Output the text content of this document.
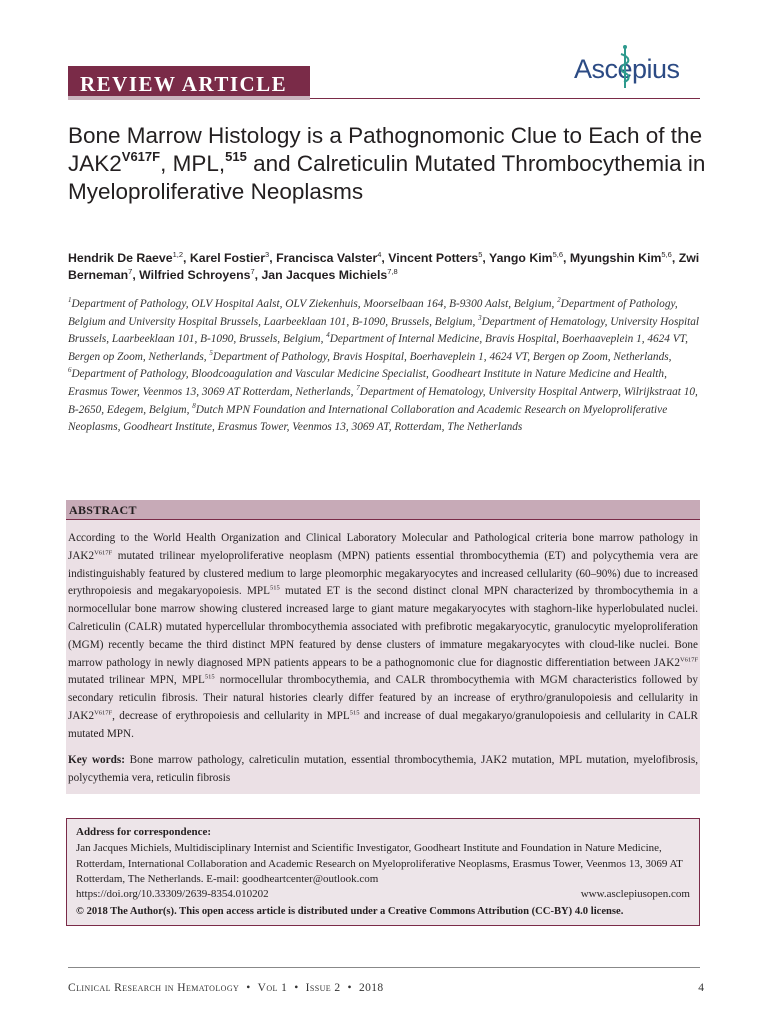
REVIEW ARTICLE	Ascepius
Bone Marrow Histology is a Pathognomonic Clue to Each of the $JAK2^{V617F}$, MPL,$^{515}$ and Calreticulin Mutated Thrombocythemia in Myeloproliferative Neoplasms
Hendrik De Raeve$^{1,2}$, Karel Fostier$^3$, Francisca Valster$^4$, Vincent Potters$^5$, Yango Kim$^{5,6}$, Myungshin Kim$^{5,6}$, Zwi Berneman$^7$, Wilfried Schroyens$^7$, Jan Jacques Michiels$^{7,8}$
$^1$Department of Pathology, OLV Hospital Aalst, OLV Ziekenhuis, Moorselbaan 164, B-9300 Aalst, Belgium, $^2$Department of Pathology, Belgium and University Hospital Brussels, Laarbeeklaan 101, B-1090, Brussels, Belgium, $^3$Department of Hematology, University Hospital Brussels, Laarbeeklaan 101, B-1090, Brussels, Belgium, $^4$Department of Internal Medicine, Bravis Hospital, Boerhaaveplein 1, 4624 VT, Bergen op Zoom, Netherlands, $^5$Department of Pathology, Bravis Hospital, Boerhaveplein 1, 4624 VT, Bergen op Zoom, Netherlands, $^6$Department of Pathology, Bloodcoagulation and Vascular Medicine Specialist, Goodheart Institute in Nature Medicine and Health, Erasmus Tower, Veenmos 13, 3069 AT Rotterdam, Netherlands, $^7$Department of Hematology, University Hospital Antwerp, Wilrijkstraat 10, B-2650, Edegem, Belgium, $^8$Dutch MPN Foundation and International Collaboration and Academic Research on Myeloproliferative Neoplasms, Goodheart Institute, Erasmus Tower, Veenmos 13, 3069 AT, Rotterdam, The Netherlands
ABSTRACT
According to the World Health Organization and Clinical Laboratory Molecular and Pathological criteria bone marrow pathology in $JAK2^{V617F}$ mutated trilinear myeloproliferative neoplasm (MPN) patients essential thrombocythemia (ET) and polycythemia vera are indistinguishably featured by clustered medium to large pleomorphic megakaryocytes and increased cellularity (60–90%) due to increased erythropoiesis and megakaryopoiesis. MPL$^{515}$ mutated ET is the second distinct clonal MPN characterized by thrombocythemia in a normocellular bone marrow showing clustered increased large to giant mature megakaryocytes with staghorn-like hyperlobulated nuclei. Calreticulin (CALR) mutated hypercellular thrombocythemia associated with prefibrotic megakaryocytic, granulocytic myeloproliferation (MGM) recently became the third distinct MPN featured by dense clusters of immature megakaryocytes with cloud-like nuclei. Bone marrow pathology in newly diagnosed MPN patients appears to be a pathognomonic clue for diagnostic differentiation between $JAK2^{V617F}$ mutated trilinear MPN, MPL$^{515}$ normocellular thrombocythemia, and CALR thrombocythemia with MGM characteristics followed by secondary reticulin fibrosis. Their natural histories clearly differ featured by an increase of erythro/granulopoiesis and cellularity in $JAK2^{V617F}$, decrease of erythropoiesis and cellularity in MPL$^{515}$ and increase of dual megakaryo/granulopoiesis and cellularity in CALR mutated MPN.
Key words: Bone marrow pathology, calreticulin mutation, essential thrombocythemia, JAK2 mutation, MPL mutation, myelofibrosis, polycythemia vera, reticulin fibrosis
Address for correspondence:
Jan Jacques Michiels, Multidisciplinary Internist and Scientific Investigator, Goodheart Institute and Foundation in Nature Medicine, Rotterdam, International Collaboration and Academic Research on Myeloproliferative Neoplasms, Erasmus Tower, Veenmos 13, 3069 AT Rotterdam, The Netherlands. E-mail: goodheartcenter@outlook.com
https://doi.org/10.33309/2639-8354.010202	www.asclepiusopen.com
© 2018 The Author(s). This open access article is distributed under a Creative Commons Attribution (CC-BY) 4.0 license.
Clinical Research in Hematology • Vol 1 • Issue 2 • 2018	4
